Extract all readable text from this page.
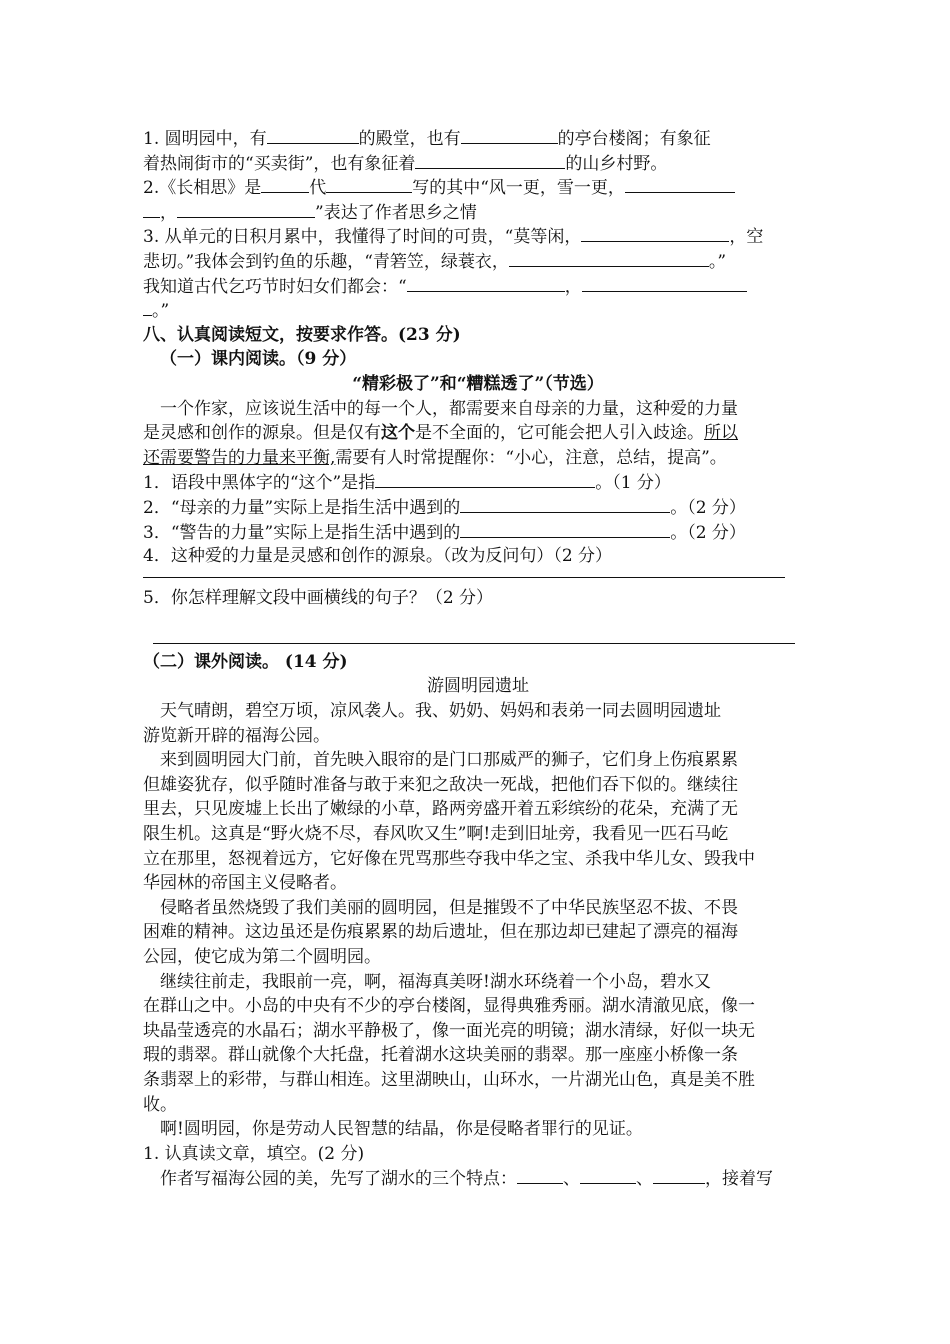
1. 圆明园中，有	的殿堂，也有	的亭台楼阁；有象征
着热闹街市的“买卖街”，也有象征着	的山乡村野。
2.《长相思》是	代	写的其中“风一更，雪一更，
，	”表达了作者思乡之情
3. 从单元的日积月累中，我懂得了时间的可贵，“莫等闲，	，空
悲切。”我体会到钓鱼的乐趣，“青箬笠，绿蓑衣，	。”
我知道古代乞巧节时妇女们都会：“	，
。”
八、认真阅读短文，按要求作答。(23 分)
（一）课内阅读。（9 分）
“精彩极了”和“糟糕透了”（节选）
一个作家，应该说生活中的每一个人，都需要来自母亲的力量，这种爱的力量
是灵感和创作的源泉。但是仅有这个是不全面的，它可能会把人引入歧途。所以
还需要警告的力量来平衡,需要有人时常提醒你：“小心，注意，总结，提高”。
1．语段中黑体字的“这个”是指	。（1 分）
2．“母亲的力量”实际上是指生活中遇到的	。（2 分）
3．“警告的力量”实际上是指生活中遇到的	。（2 分）
4．这种爱的力量是灵感和创作的源泉。（改为反问句）（2 分）
5．你怎样理解文段中画横线的句子？（2 分）
（二）课外阅读。 (14 分)
游圆明园遗址
天气晴朗，碧空万顷，凉风袭人。我、奶奶、妈妈和表弟一同去圆明园遗址
游览新开辟的福海公园。
来到圆明园大门前，首先映入眼帘的是门口那威严的狮子，它们身上伤痕累累
但雄姿犹存，似乎随时准备与敢于来犯之敌决一死战，把他们吞下似的。继续往
里去，只见废墟上长出了嫩绿的小草，路两旁盛开着五彩缤纷的花朵，充满了无
限生机。这真是“野火烧不尽，春风吹又生”啊!走到旧址旁，我看见一匹石马屹
立在那里，怒视着远方，它好像在咒骂那些夺我中华之宝、杀我中华儿女、毁我中
华园林的帝国主义侵略者。
侵略者虽然烧毁了我们美丽的圆明园，但是摧毁不了中华民族坚忍不拔、不畏
困难的精神。这边虽还是伤痕累累的劫后遗址，但在那边却已建起了漂亮的福海
公园，使它成为第二个圆明园。
继续往前走，我眼前一亮，啊，福海真美呀!湖水环绕着一个小岛，碧水又
在群山之中。小岛的中央有不少的亭台楼阁，显得典雅秀丽。湖水清澈见底，像一
块晶莹透亮的水晶石；湖水平静极了，像一面光亮的明镜；湖水清绿，好似一块无
瑕的翡翠。群山就像个大托盘，托着湖水这块美丽的翡翠。那一座座小桥像一条
条翡翠上的彩带，与群山相连。这里湖映山，山环水，一片湖光山色，真是美不胜
收。
啊!圆明园，你是劳动人民智慧的结晶，你是侵略者罪行的见证。
1. 认真读文章，填空。(2 分)
作者写福海公园的美，先写了湖水的三个特点：	、	、	，接着写
